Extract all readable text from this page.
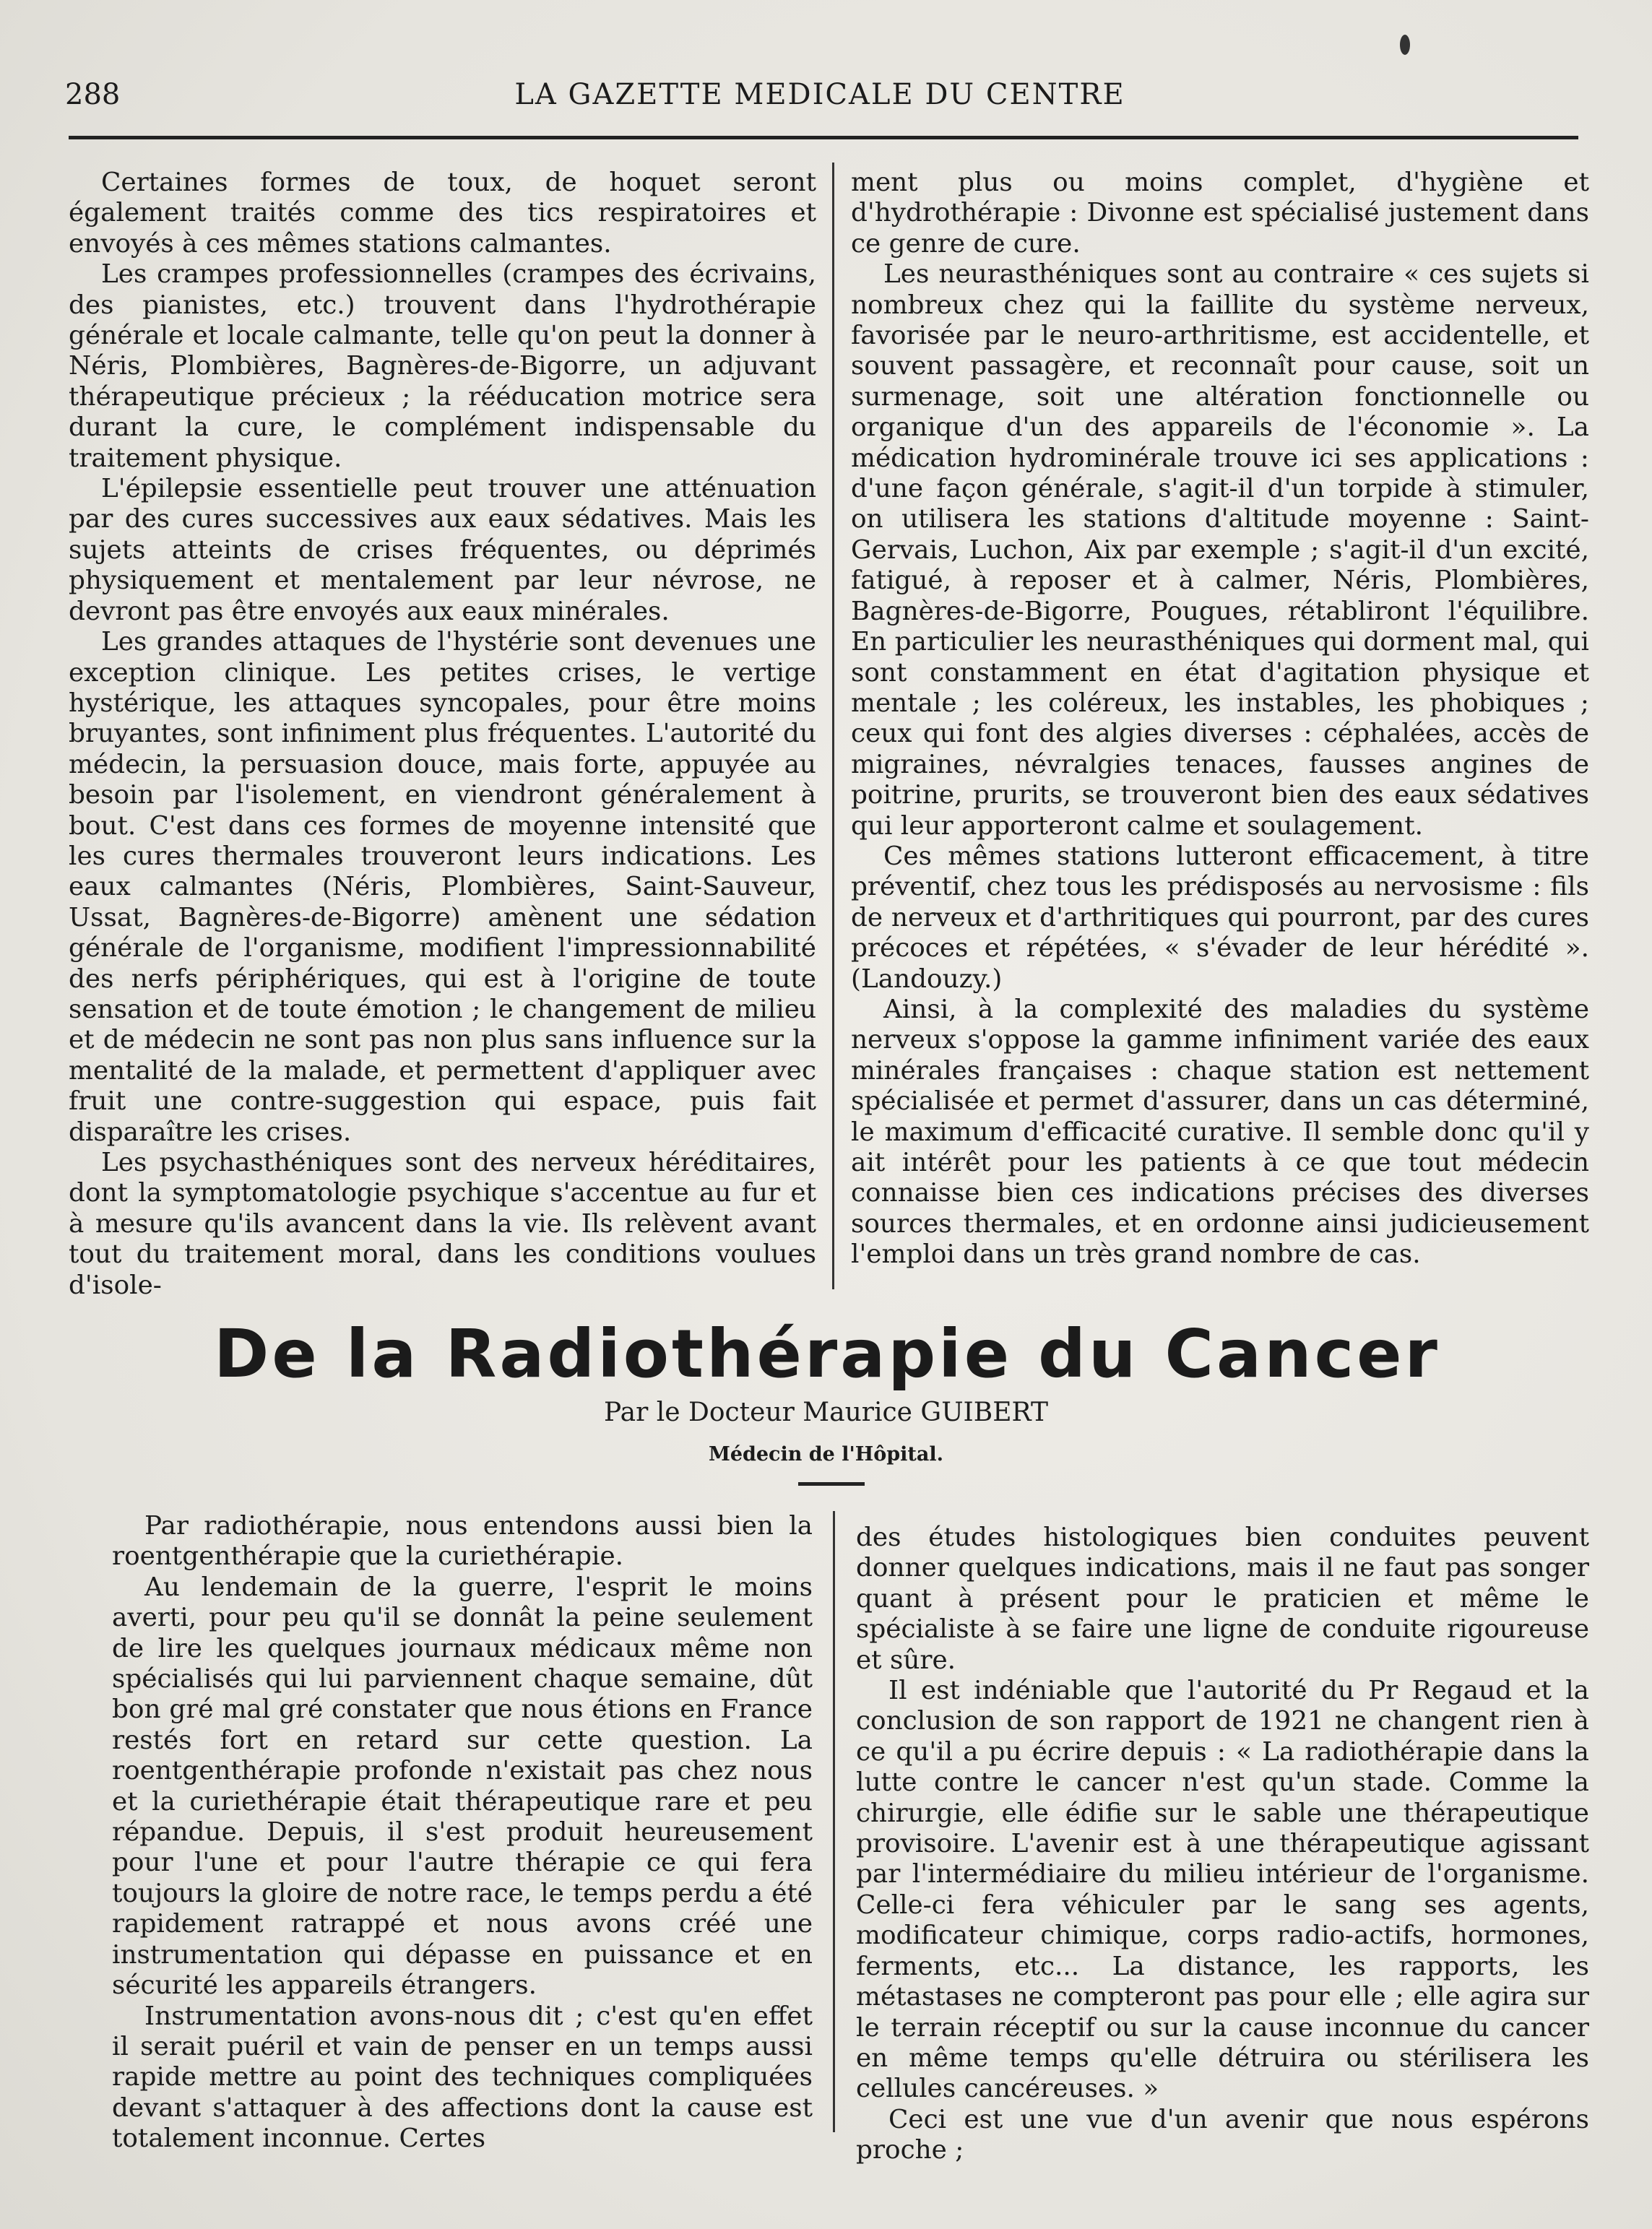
288	LA GAZETTE MEDICALE DU CENTRE

Certaines formes de toux, de hoquet seront également traités comme des tics respiratoires et envoyés à ces mêmes stations calmantes.

Les crampes professionnelles (crampes des écrivains, des pianistes, etc.) trouvent dans l'hydrothérapie générale et locale calmante, telle qu'on peut la donner à Néris, Plombières, Bagnères-de-Bigorre, un adjuvant thérapeutique précieux ; la rééducation motrice sera durant la cure, le complément indispensable du traitement physique.

L'épilepsie essentielle peut trouver une atténuation par des cures successives aux eaux sédatives. Mais les sujets atteints de crises fréquentes, ou déprimés physiquement et mentalement par leur névrose, ne devront pas être envoyés aux eaux minérales.

Les grandes attaques de l'hystérie sont devenues une exception clinique. Les petites crises, le vertige hystérique, les attaques syncopales, pour être moins bruyantes, sont infiniment plus fréquentes. L'autorité du médecin, la persuasion douce, mais forte, appuyée au besoin par l'isolement, en viendront généralement à bout. C'est dans ces formes de moyenne intensité que les cures thermales trouveront leurs indications. Les eaux calmantes (Néris, Plombières, Saint-Sauveur, Ussat, Bagnères-de-Bigorre) amènent une sédation générale de l'organisme, modifient l'impressionnabilité des nerfs périphériques, qui est à l'origine de toute sensation et de toute émotion ; le changement de milieu et de médecin ne sont pas non plus sans influence sur la mentalité de la malade, et permettent d'appliquer avec fruit une contre-suggestion qui espace, puis fait disparaître les crises.

Les psychasthéniques sont des nerveux héréditaires, dont la symptomatologie psychique s'accentue au fur et à mesure qu'ils avancent dans la vie. Ils relèvent avant tout du traitement moral, dans les conditions voulues d'isole-

ment plus ou moins complet, d'hygiène et d'hydrothérapie : Divonne est spécialisé justement dans ce genre de cure.

Les neurasthéniques sont au contraire « ces sujets si nombreux chez qui la faillite du système nerveux, favorisée par le neuro-arthritisme, est accidentelle, et souvent passagère, et reconnaît pour cause, soit un surmenage, soit une altération fonctionnelle ou organique d'un des appareils de l'économie ». La médication hydrominérale trouve ici ses applications : d'une façon générale, s'agit-il d'un torpide à stimuler, on utilisera les stations d'altitude moyenne : Saint-Gervais, Luchon, Aix par exemple ; s'agit-il d'un excité, fatigué, à reposer et à calmer, Néris, Plombières, Bagnères-de-Bigorre, Pougues, rétabliront l'équilibre. En particulier les neurasthéniques qui dorment mal, qui sont constamment en état d'agitation physique et mentale ; les coléreux, les instables, les phobiques ; ceux qui font des algies diverses : céphalées, accès de migraines, névralgies tenaces, fausses angines de poitrine, prurits, se trouveront bien des eaux sédatives qui leur apporteront calme et soulagement.

Ces mêmes stations lutteront efficacement, à titre préventif, chez tous les prédisposés au nervosisme : fils de nerveux et d'arthritiques qui pourront, par des cures précoces et répétées, « s'évader de leur hérédité ». (Landouzy.)

Ainsi, à la complexité des maladies du système nerveux s'oppose la gamme infiniment variée des eaux minérales françaises : chaque station est nettement spécialisée et permet d'assurer, dans un cas déterminé, le maximum d'efficacité curative. Il semble donc qu'il y ait intérêt pour les patients à ce que tout médecin connaisse bien ces indications précises des diverses sources thermales, et en ordonne ainsi judicieusement l'emploi dans un très grand nombre de cas.

De la Radiothérapie du Cancer
Par le Docteur Maurice GUIBERT
Médecin de l'Hôpital.

Par radiothérapie, nous entendons aussi bien la roentgenthérapie que la curiethérapie.

Au lendemain de la guerre, l'esprit le moins averti, pour peu qu'il se donnât la peine seulement de lire les quelques journaux médicaux même non spécialisés qui lui parviennent chaque semaine, dût bon gré mal gré constater que nous étions en France restés fort en retard sur cette question. La roentgenthérapie profonde n'existait pas chez nous et la curiethérapie était thérapeutique rare et peu répandue. Depuis, il s'est produit heureusement pour l'une et pour l'autre thérapie ce qui fera toujours la gloire de notre race, le temps perdu a été rapidement ratrappé et nous avons créé une instrumentation qui dépasse en puissance et en sécurité les appareils étrangers.

Instrumentation avons-nous dit ; c'est qu'en effet il serait puéril et vain de penser en un temps aussi rapide mettre au point des techniques compliquées devant s'attaquer à des affections dont la cause est totalement inconnue. Certes

des études histologiques bien conduites peuvent donner quelques indications, mais il ne faut pas songer quant à présent pour le praticien et même le spécialiste à se faire une ligne de conduite rigoureuse et sûre.

Il est indéniable que l'autorité du Pr Regaud et la conclusion de son rapport de 1921 ne changent rien à ce qu'il a pu écrire depuis : « La radiothérapie dans la lutte contre le cancer n'est qu'un stade. Comme la chirurgie, elle édifie sur le sable une thérapeutique provisoire. L'avenir est à une thérapeutique agissant par l'intermédiaire du milieu intérieur de l'organisme. Celle-ci fera véhiculer par le sang ses agents, modificateur chimique, corps radio-actifs, hormones, ferments, etc... La distance, les rapports, les métastases ne compteront pas pour elle ; elle agira sur le terrain réceptif ou sur la cause inconnue du cancer en même temps qu'elle détruira ou stérilisera les cellules cancéreuses. »

Ceci est une vue d'un avenir que nous espérons proche ;
